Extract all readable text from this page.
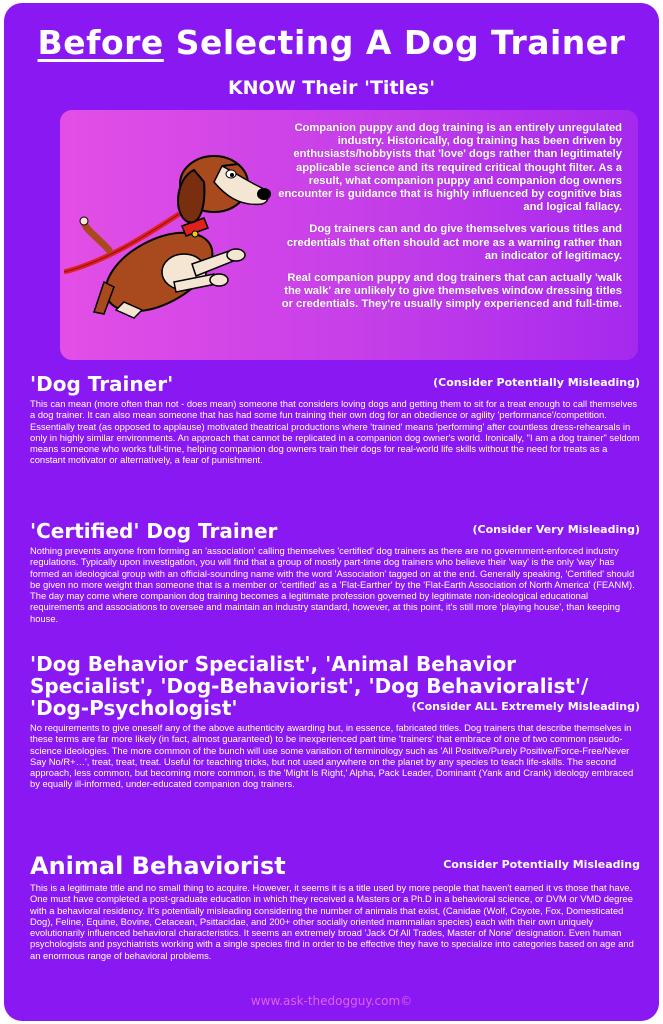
Before Selecting A Dog Trainer
KNOW Their 'Titles'

Companion puppy and dog training is an entirely unregulated industry. Historically, dog training has been driven by enthusiasts/hobbyists that 'love' dogs rather than legitimately applicable science and its required critical thought filter. As a result, what companion puppy and companion dog owners encounter is guidance that is highly influenced by cognitive bias and logical fallacy.

Dog trainers can and do give themselves various titles and credentials that often should act more as a warning rather than an indicator of legitimacy.

Real companion puppy and dog trainers that can actually 'walk the walk' are unlikely to give themselves window dressing titles or credentials. They're usually simply experienced and full-time.

'Dog Trainer'	(Consider Potentially Misleading)
This can mean (more often than not - does mean) someone that considers loving dogs and getting them to sit for a treat enough to call themselves a dog trainer. It can also mean someone that has had some fun training their own dog for an obedience or agility 'performance'/competition. Essentially treat (as opposed to applause) motivated theatrical productions where 'trained' means 'performing' after countless dress-rehearsals in only in highly similar environments. An approach that cannot be replicated in a companion dog owner's world. Ironically, "I am a dog trainer" seldom means someone who works full-time, helping companion dog owners train their dogs for real-world life skills without the need for treats as a constant motivator or alternatively, a fear of punishment.
'Certified' Dog Trainer	(Consider Very Misleading)
Nothing prevents anyone from forming an 'association' calling themselves 'certified' dog trainers as there are no government-enforced industry regulations. Typically upon investigation, you will find that a group of mostly part-time dog trainers who believe their 'way' is the only 'way' has formed an ideological group with an official-sounding name with the word 'Association' tagged on at the end. Generally speaking, 'Certified' should be given no more weight than someone that is a member or 'certified' as a 'Flat-Earther' by the 'Flat-Earth Association of North America' (FEANM). The day may come where companion dog training becomes a legitimate profession governed by legitimate non-ideological educational requirements and associations to oversee and maintain an industry standard, however, at this point, it's still more 'playing house', than keeping house.
'Dog Behavior Specialist', 'Animal Behavior Specialist', 'Dog-Behaviorist', 'Dog Behavioralist'/ 'Dog-Psychologist'	(Consider ALL Extremely Misleading)
No requirements to give oneself any of the above authenticity awarding but, in essence, fabricated titles. Dog trainers that describe themselves in these terms are far more likely (in fact, almost guaranteed) to be inexperienced part time 'trainers' that embrace of one of two common pseudo-science ideologies. The more common of the bunch will use some variation of terminology such as 'All Positive/Purely Positive/Force-Free/Never Say No/R+…', treat, treat, treat. Useful for teaching tricks, but not used anywhere on the planet by any species to teach life-skills. The second approach, less common, but becoming more common, is the 'Might Is Right,' Alpha, Pack Leader, Dominant (Yank and Crank) ideology embraced by equally ill-informed, under-educated companion dog trainers.
Animal Behaviorist	Consider Potentially Misleading
This is a legitimate title and no small thing to acquire. However, it seems it is a title used by more people that haven't earned it vs those that have. One must have completed a post-graduate education in which they received a Masters or a Ph.D in a behavioral science, or DVM or VMD degree with a behavioral residency. It's potentially misleading considering the number of animals that exist, (Canidae (Wolf, Coyote, Fox, Domesticated Dog), Feline, Equine, Bovine, Cetacean, Psittacidae, and 200+ other socially oriented mammalian species) each with their own uniquely evolutionarily influenced behavioral characteristics. It seems an extremely broad 'Jack Of All Trades, Master of None' designation. Even human psychologists and psychiatrists working with a single species find in order to be effective they have to specialize into categories based on age and an enormous range of behavioral problems.
www.ask-thedogguy.com©
